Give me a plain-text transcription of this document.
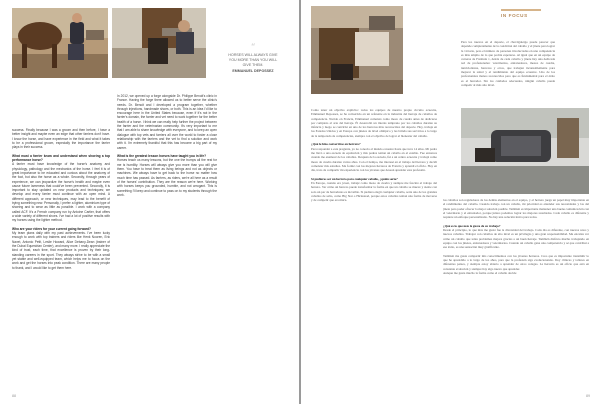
“
HORSES WILL ALWAYS GIVE YOU MORE THAN YOU WILL GIVE THEM.
EMMANUEL DEPOSSEZ
success. Finally because I was a groom and then before, I have a better insight and maybe even an edge that other farriers don't have. I know the horse, and have experience in the field and what it takes to be a professional groom, especially the importance the farrier plays in their success.

What must a farrier know and understand when shoeing a top performance horse?
A farrier must have knowledge of the horse's anatomy and physiology, pathology and the mechanics of the horse. I feel it is of great importance to be educated and curious about the anatomy of the foot, but also the horse as a whole. Secondly, through years of experience, we can jeopardize the horse's health and maybe even cause future lameness that could've been prevented. Secondly, it is important to stay updated on new products and techniques; we develop and every farrier must continue with an open mind. A different approach, or new techniques, may lead to the benefit of trying something new. Personally, I prefer a lighter, aluminium type of shoeing and to wear as little as possible. I work with a company called ACF. It's a French company run by Antoine Cartier, that offers a wide variety of different shoes. I've had a lot of positive results with my horses using the lighter method.

Who are your riders for your current going forward?
My team plans daily with my past achievements. I've been lucky enough to work with top trainers and riders like Henk Nooren, Eric Navet, Antonio Petit, Leslie Howard, Alice Debany-Dean (trainer of the Dubai Equestrian Center), and many more. I really appreciate the kind of trust, each time, that excellence is proven by their long-standing careers in the sport. They always strive to be with a small yet stable and well-equipped team, which helps me to focus on the work and get the horses into peak condition. There are many people to thank, and I would like to get them here.
In 2012, we opened up a forge alongside Dr. Philippe Benoit's clinic in France. Having the forge there allowed us to better serve the clinic's needs. Dr. Benoit and I developed a program together, whether through injections, handmade shoes, or both. This is an idea I'd like to encourage here in the United States because, even if it's not in the farrier's domain, the farrier and vet need to work together for the better health of a horse. I think we can really help further the project between the farrier and the veterinarian community. It's very important to me that I am able to share knowledge with everyone, and to keep an open dialogue with top vets and farriers all over the world to foster a close relationship with the farriers and the vet to find a solution and work with it. I'm extremely thankful that this has become a big part of my career.

What is the greatest lesson horses have taught you in life?
Horses teach us many lessons, but the one the trumps all the rest for me is humility. Horses will always give you more than you will give them. You have to treat them as living beings and not as objects or machines. We always have to get back to the horse no matter how much time has passed. As farriers, as riders, we're all here as a result of the horses' contribution. They are the reason we're here. Working with horses keeps you grounded, humble, and not arrogant. This is something I'll keep and continue to pass on to my students through the work.
88
IN FOCUS
Para los nuevos en el deporte, el chovdgaleigo puede parecer que depende completamente de la condición del caballo y el jinete para lograr la victoria, pero el número de personas involucradas en una competencia es más amplio de lo que podría esperarse. Al igual que en un equipo de carreras de Fórmula 1, detrás de cada caballo y jinete hay una dedicada red de profesionales: veterinarios, entrenadores, mozos de cuadra, nutricionistas, herreros y otros, que trabajan incansablemente para mejorar la salud y el rendimiento del equipo ecuestre. Uno de los profesionales menos reconocidos pero que es fundamental para el éxito es el herrador. Sin los cuidados adecuados, ningún caballo puede competir al más alto nivel.
Como tener un objetivo explícito: todos los equipos de nuestro propio circuito ecuestre, Emmanuel Depossez, se ha convertido en un referente en la industria del herraje de caballos de competencia. Nacido en Francia, Emmanuel comenzó como mozo de cuadra antes de dedicarse por completo al arte del herraje. Él desarrolló un interés temprano por los caballos durante su infancia y luego se convirtió en uno de los herreros más reconocidos del deporte. Hoy, trabaja en los Estados Unidos y en Europa con jinetes de nivel olímpico y les brinda sus servicios a lo largo de la temporada de competencias, siempre con el objetivo de lograr el bienestar del caballo.

¿Qué le hizo convertirse en herrero?
Para responder a esta pregunta, yo no conocía el mundo ecuestre hasta que tuve 14 años. Mi padre me llevó a una escuela de equitación y mis padres tenían un caballo en el establo. Fue entonces cuando me enamoré de los caballos. Después de la escuela, fui a un centro ecuestre y trabajé como mozo de cuadra durante varios años. Con el tiempo, me interesé en el trabajo del herrero y decidí comenzar mis estudios. Me formé con los mejores herreros de Francia y aprendí el oficio. Hoy en día, trato de compartir mi experiencia con los jóvenes que desean aprender esta profesión.

Si pudieras ser un herrero para cualquier caballo, ¿quién sería?
En Europa, cuando era joven, trabajé como mozo de cuadra y siempre me fascinó el trabajo del herrero. Ver cómo un herrero puede transformar la forma en que un caballo se mueve y siente con solo un par de herraduras es increíble. Si pudiera elegir cualquier caballo, sería uno de los grandes caballos de salto, como Big Star o Hickstead, porque estos caballos tenían una forma de moverse y de competir que era única.	los caballos son reguladores de los demás elementos en el equipo, y el herrero juega un papel muy importante en el rendimiento del caballo. Cuando trabajo con un caballo, mi prioridad es entender sus necesidades y las del jinete para poder ofrecer la mejor solución posible. También es importante mantener una buena comunicación con el veterinario y el entrenador, porque juntos podemos lograr los mejores resultados. Cada caballo es diferente y requiere un enfoque personalizado. No hay una solución única para todos.

¿Qué es lo que más le gusta de su trabajo?
Desde el principio, lo que más me gustó fue la diversidad del trabajo. Cada día es diferente, con nuevos retos y nuevos caballos. Trabajar con caballos de alto nivel es un privilegio y una gran responsabilidad. Me encanta ver cómo un caballo que tenía problemas mejora gracias a un buen herraje. También disfruto mucho trabajando en equipo con los jinetes, entrenadores y veterinarios. Cuando un caballo gana una competencia y sé que contribuí a ese éxito, es una sensación muy gratificante.

También me gusta compartir mis conocimientos con los jóvenes herreros. Creo que es importante transmitir lo que he aprendido a lo largo de los años, para que la profesión siga evolucionando. Doy clínicas y talleres en diferentes países, y siempre estoy abierto a aprender de otros colegas. La herrería es un oficio que está en constante evolución y siempre hay algo nuevo que aprender.
Aunque me gusta mucho la forma como el caballo decide
89
